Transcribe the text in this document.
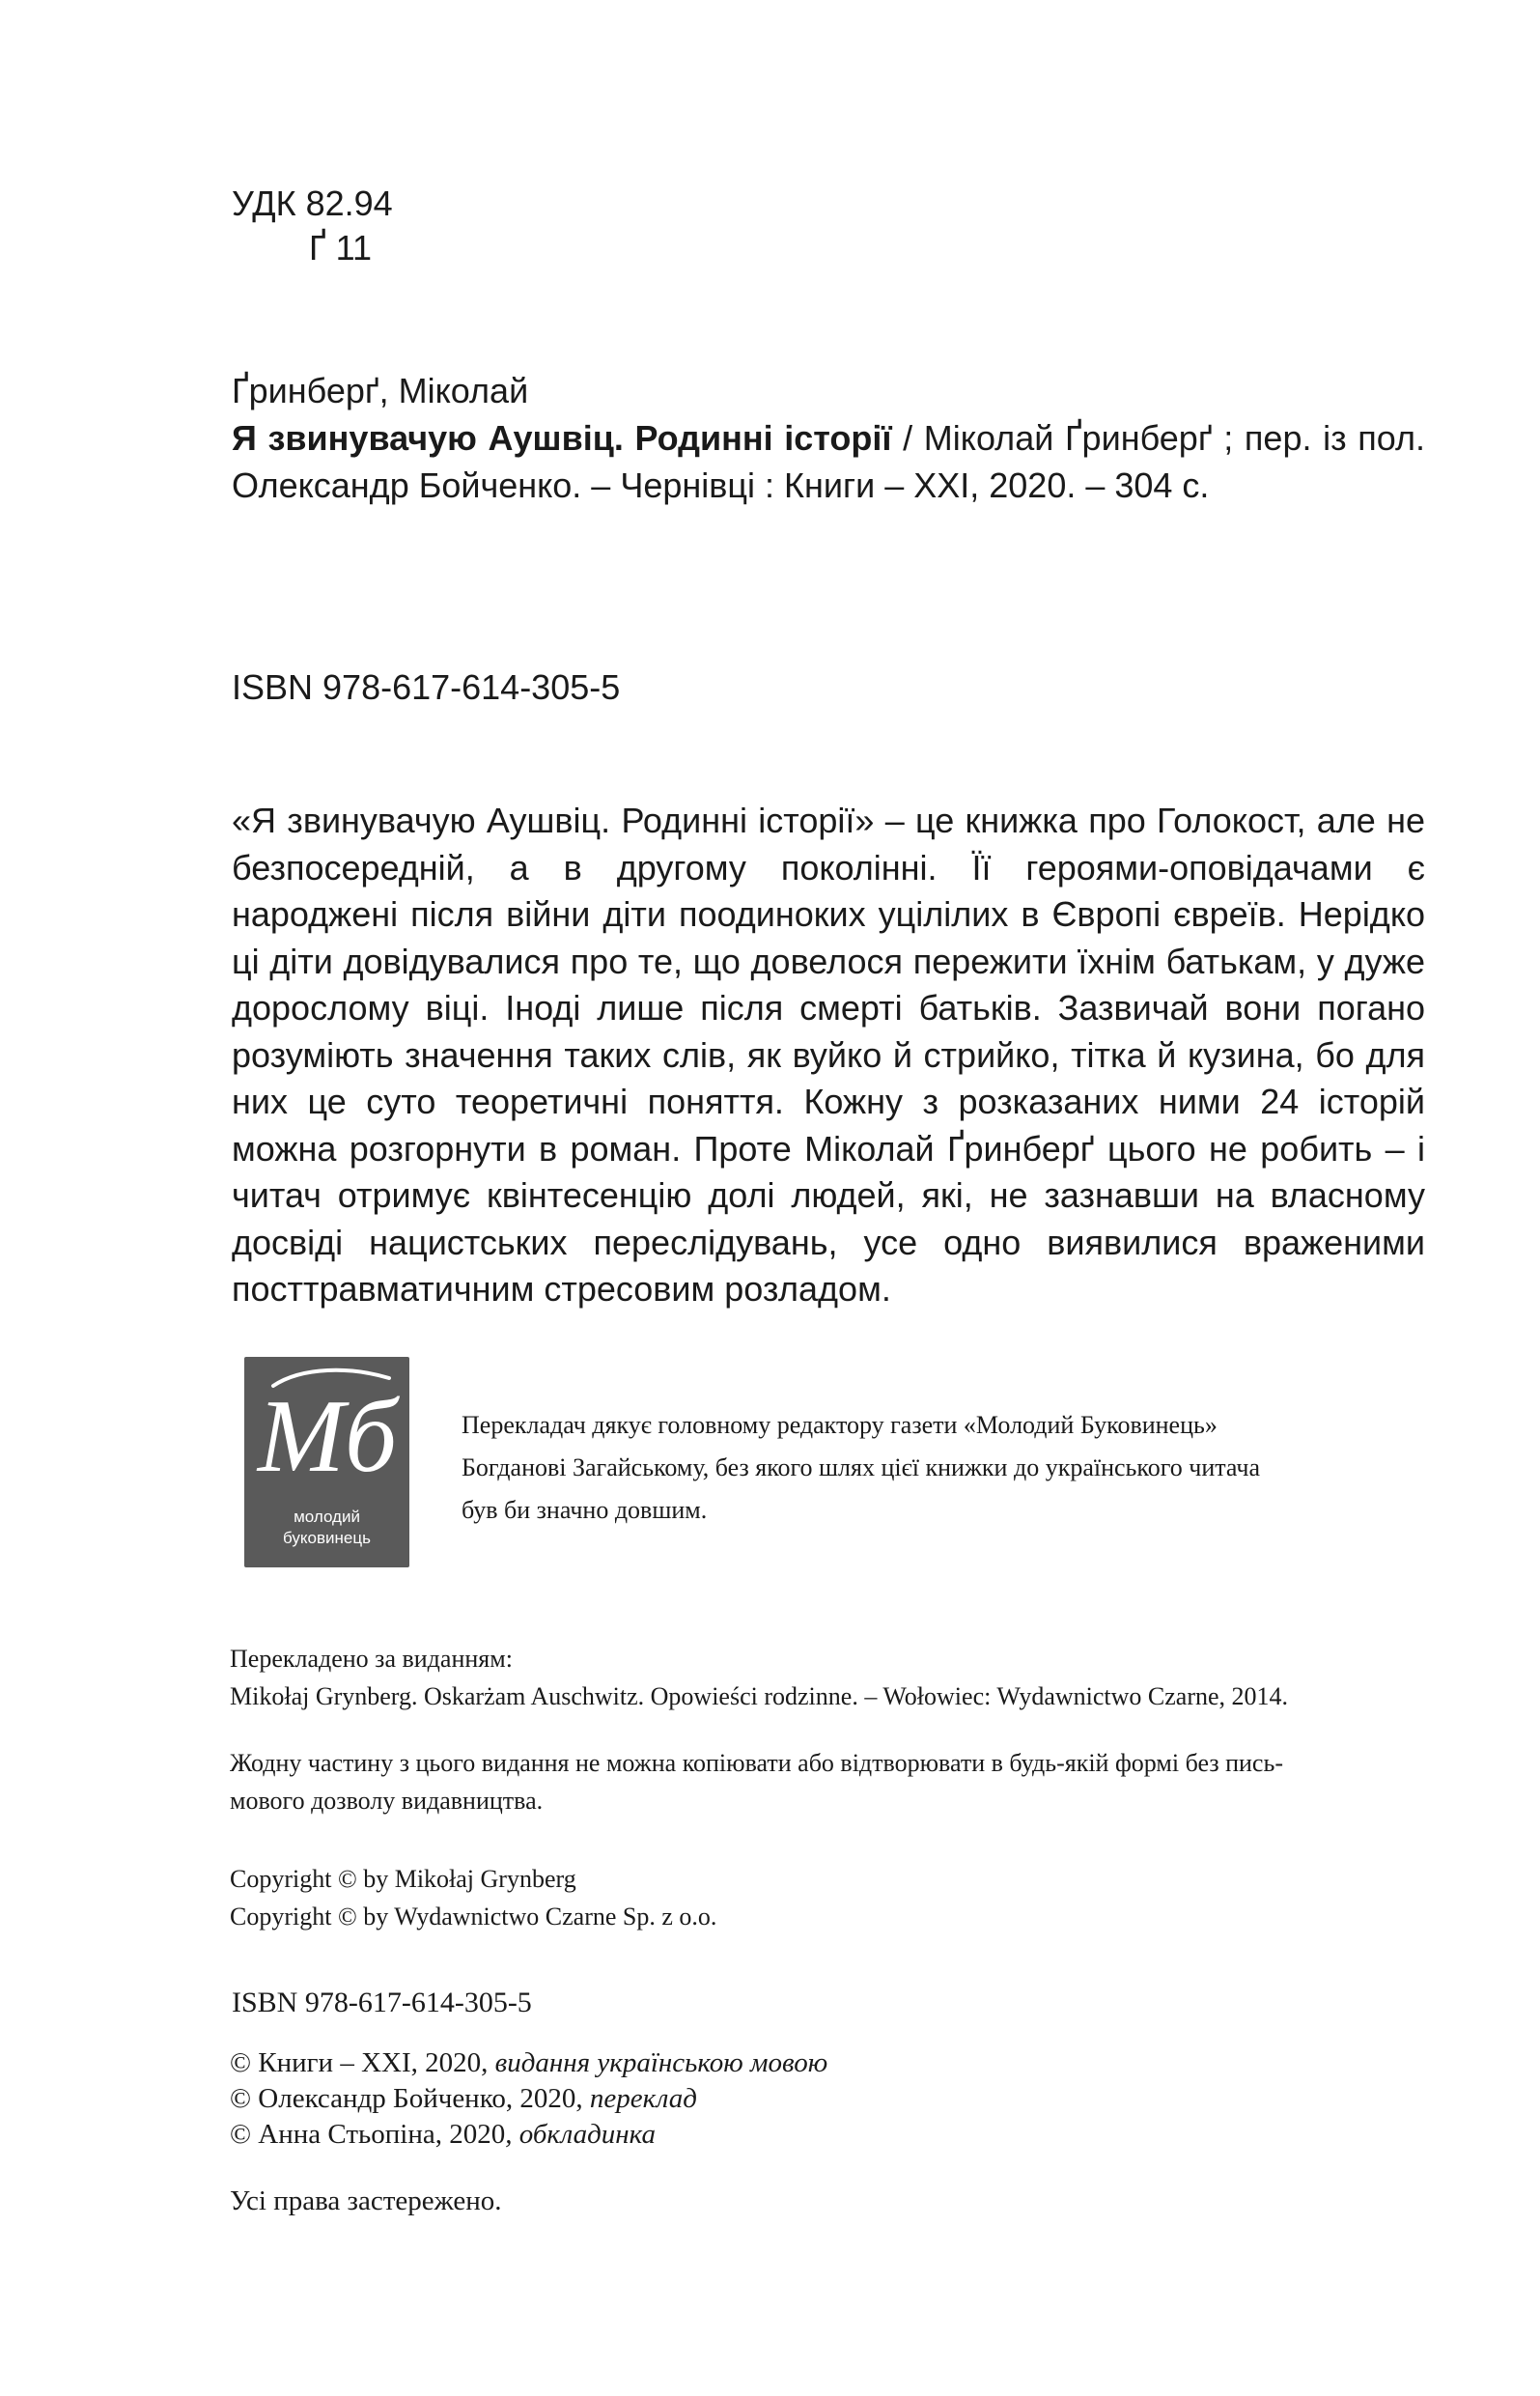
УДК 82.94
Ґ 11
Ґринберґ, Міколай
Я звинувачую Аушвіц. Родинні історії / Міколай Ґринберґ ; пер. із пол. Олександр Бойченко. – Чернівці : Книги – XXI, 2020. – 304 с.
ISBN 978-617-614-305-5

«Я звинувачую Аушвіц. Родинні історії» – це книжка про Голокост, але не безпосередній, а в другому поколінні. Її героями-оповідачами є народжені після війни діти поодиноких уцілілих в Європі євреїв. Нерідко ці діти довідувалися про те, що довелося пережити їхнім батькам, у дуже дорослому віці. Іноді лише після смерті батьків. Зазвичай вони погано розуміють значення таких слів, як вуйко й стрийко, тітка й кузина, бо для них це суто теоретичні поняття. Кожну з розказаних ними 24 історій можна розгорнути в роман. Проте Міколай Ґринберґ цього не робить – і читач отримує квінтесенцію долі людей, які, не зазнавши на власному досвіді нацистських переслідувань, усе одно виявилися враженими посттравматичним стресовим розладом.

Мб
молодий
буковинець
Перекладач дякує головному редактору газети «Молодий Буковинець»
Богданові Загайському, без якого шлях цієї книжки до українського читача
був би значно довшим.
Перекладено за виданням:
Mikołaj Grynberg. Oskarżam Auschwitz. Opowieści rodzinne. – Wołowiec: Wydawnictwo Czarne, 2014.
Жодну частину з цього видання не можна копіювати або відтворювати в будь-якій формі без пись-
мового дозволу видавництва.
Copyright © by Mikołaj Grynberg
Copyright © by Wydawnictwo Czarne Sp. z o.o.
ISBN 978-617-614-305-5
© Книги – XXI, 2020, видання українською мовою
© Олександр Бойченко, 2020, переклад
© Анна Стьопіна, 2020, обкладинка
Усі права застережено.
